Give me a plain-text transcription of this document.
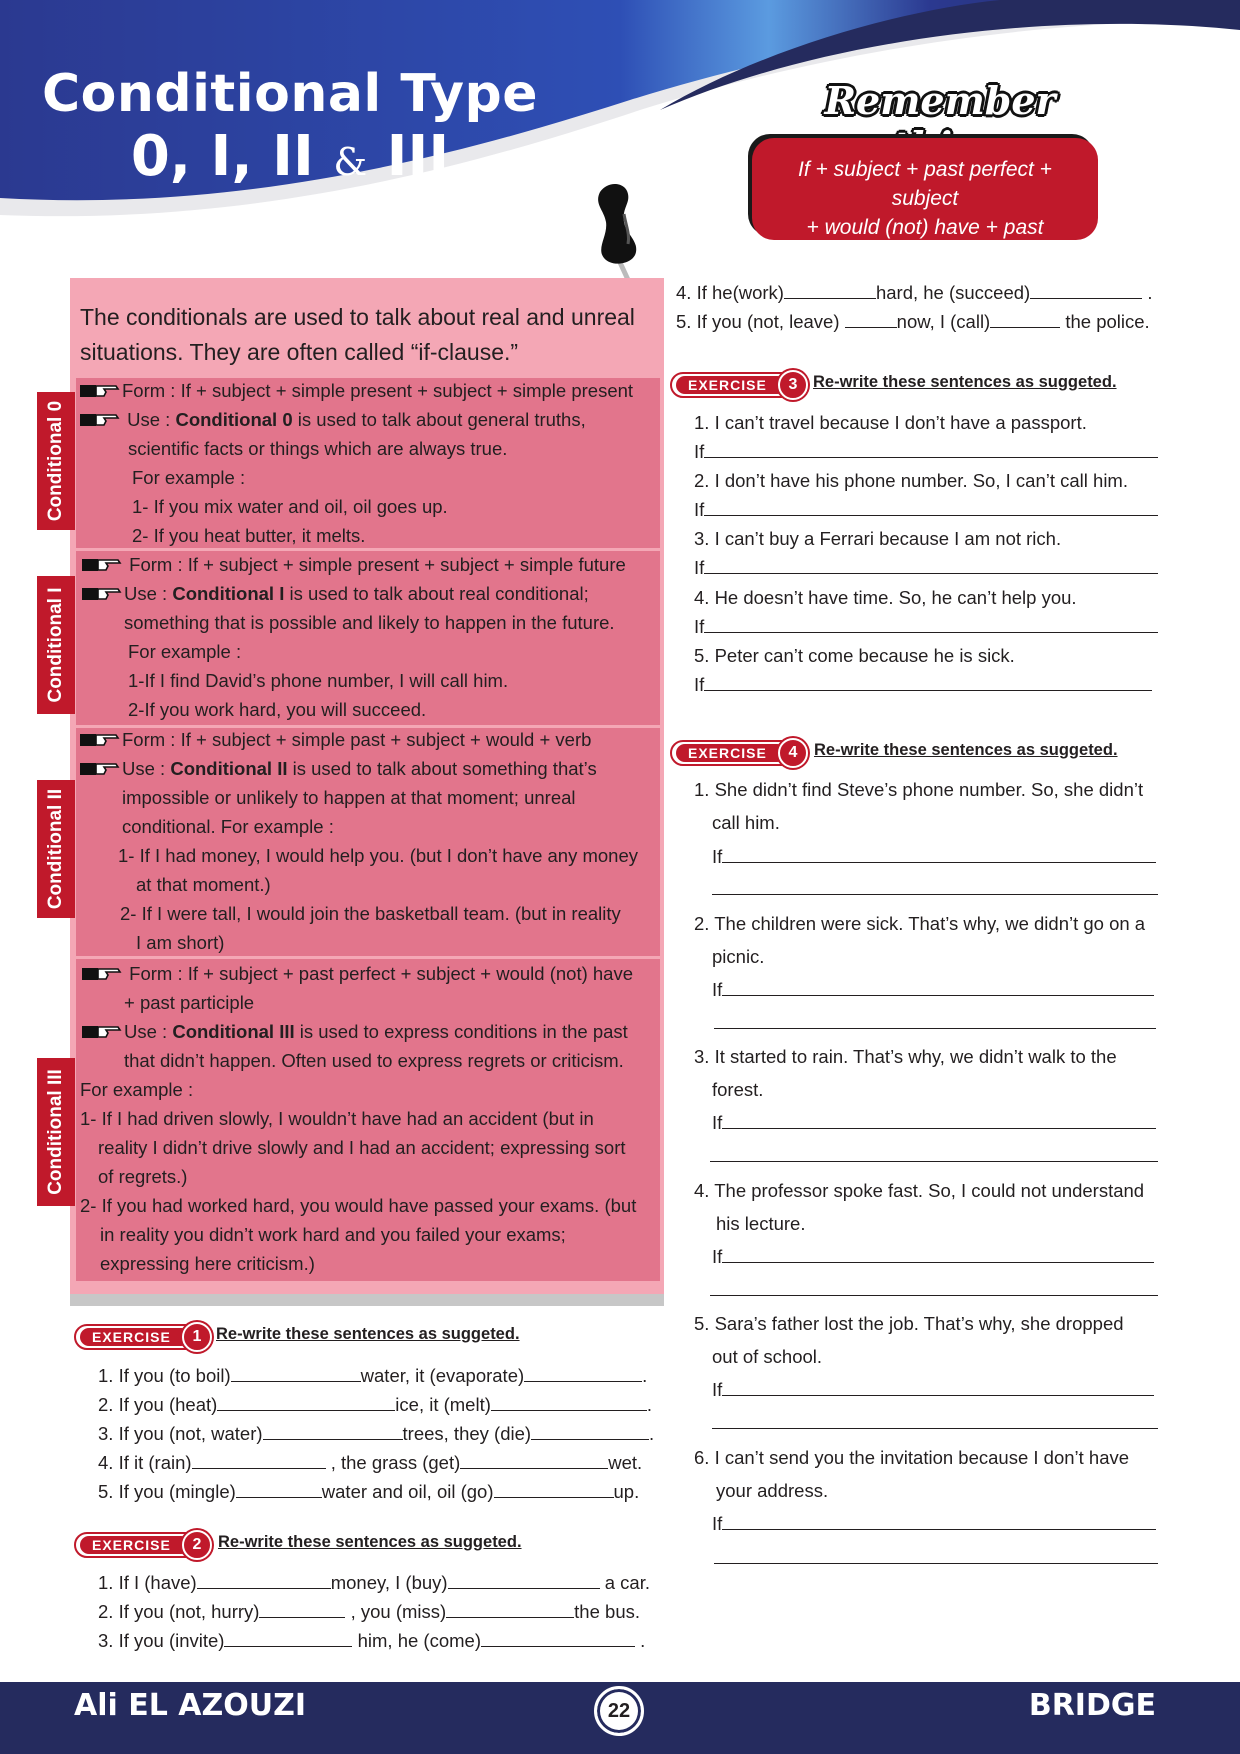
Conditional Type
0, I, II & III
Remember
If + subject + past perfect + subject
+ would (not) have + past participle
The conditionals are used to talk about real and unreal situations. They are often called “if-clause.”
Conditional 0
Conditional I
Conditional II
Conditional III
Form : If + subject + simple present + subject + simple present
Use : Conditional 0 is used to talk about general truths,
scientific facts or things which are always true.
For example :
1- If you mix water and oil, oil goes up.
2- If you heat butter, it melts.
Form : If + subject + simple present + subject + simple future
Use : Conditional I is used to talk about real conditional;
something that is possible and likely to happen in the future.
For example :
1-If I find David’s phone number, I will call him.
2-If you work hard, you will succeed.
Form : If + subject + simple past + subject + would + verb
Use : Conditional II is used to talk about something that’s
impossible or unlikely to happen at that moment; unreal
conditional. For example :
1- If I had money, I would help you. (but I don’t have any money
at that moment.)
2- If I were tall, I would join the basketball team. (but in reality
I am short)
Form : If + subject + past perfect + subject + would (not) have
+ past participle
Use : Conditional III is used to express conditions in the past
that didn’t happen. Often used to express regrets or criticism.
For example :
1- If I had driven slowly, I wouldn’t have had an accident (but in
reality I didn’t drive slowly and I had an accident; expressing sort
of regrets.)
2- If you had worked hard, you would have passed your exams. (but
in reality you didn’t work hard and you failed your exams;
expressing here criticism.)
EXERCISE	1 Re-write these sentences as suggeted.
1. If you (to boil)	water, it (evaporate)	.
2. If you (heat)	ice, it (melt)	.
3. If you (not, water)	trees, they (die)	.
4. If it (rain)	, the grass (get)	wet.
5. If you (mingle)	water and oil, oil (go)	up.
EXERCISE	2	Re-write these sentences as suggeted.
1. If I (have)	money, I (buy)	a car.
2. If you (not, hurry)	, you (miss)	the bus.
3. If you (invite)	him, he (come)	.
4. If he(work)	hard, he (succeed)	.
5. If you (not, leave)	now, I (call)	the police.
EXERCISE	3 Re-write these sentences as suggeted.
1. I can’t travel because I don’t have a passport.
If
2. I don’t have his phone number. So, I can’t call him.
If
3. I can’t buy a Ferrari because I am not rich.
If
4. He doesn’t have time. So, he can’t help you.
If
5. Peter can’t come because he is sick.
If
EXERCISE	4	Re-write these sentences as suggeted.
1. She didn’t find Steve’s phone number. So, she didn’t
call him.
If
2. The children were sick. That’s why, we didn’t go on a
picnic.
If
3. It started to rain. That’s why, we didn’t walk to the
forest.
If
4. The professor spoke fast. So, I could not understand
his lecture.
If
5. Sara’s father lost the job. That’s why, she dropped
out of school.
If
6. I can’t send you the invitation because I don’t have
your address.
If
Ali EL AZOUZI	22	BRIDGE
